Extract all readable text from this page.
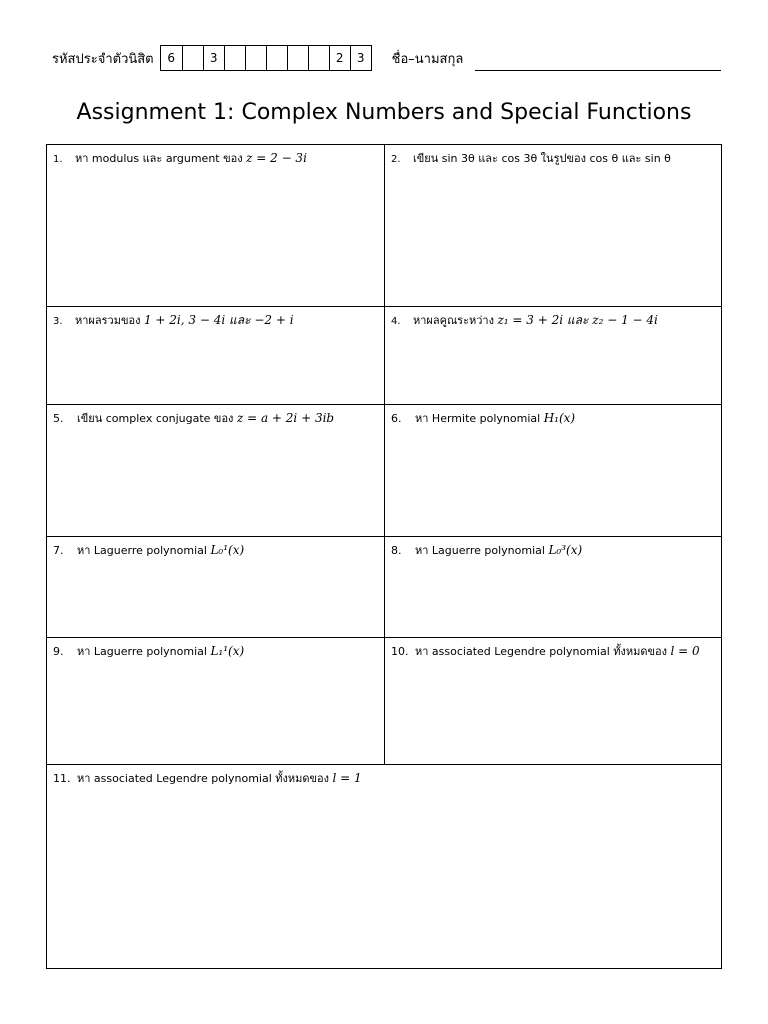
รหัสประจำตัวนิสิต	6	3	2	3	ชื่อ–นามสกุล
Assignment 1: Complex Numbers and Special Functions
1. หา modulus และ argument ของ z = 2 − 3i	2. เขียน sin 3θ และ cos 3θ ในรูปของ cos θ และ sin θ
3. หาผลรวมของ 1 + 2i, 3 − 4i และ −2 + i	4. หาผลคูณระหว่าง z₁ = 3 + 2i และ z₂ − 1 − 4i
5. เขียน complex conjugate ของ z = a + 2i + 3ib	6. หา Hermite polynomial H₁(x)
7. หา Laguerre polynomial L₀¹(x)	8. หา Laguerre polynomial L₀³(x)
9. หา Laguerre polynomial L₁¹(x)	10. หา associated Legendre polynomial ทั้งหมดของ l = 0
11. หา associated Legendre polynomial ทั้งหมดของ l = 1
